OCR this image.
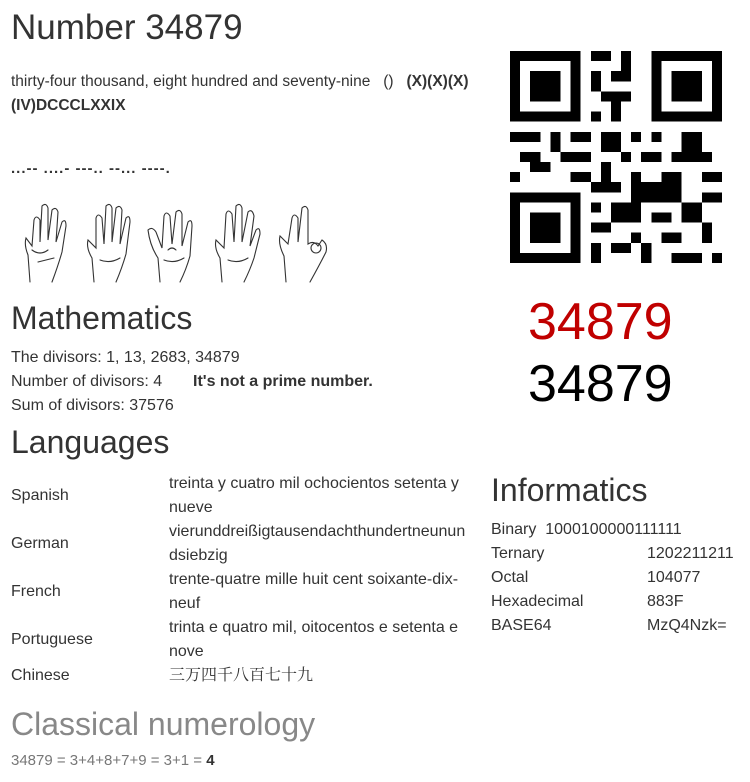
Number 34879
thirty-four thousand, eight hundred and seventy-nine () (X)(X)(X)(IV)DCCCLXXIX
...-- ....- ---.. --... ----.
Mathematics
The divisors: 1, 13, 2683, 34879
Number of divisors: 4 It's not a prime number.
Sum of divisors: 37576
Languages
Spanish	treinta y cuatro mil ochocientos setenta y
nueve
German	vierunddreißigtausendachthundertneunun
dsiebzig
French	trente-quatre mille huit cent soixante-dix-
neuf
Portuguese	trinta e quatro mil, oitocentos e setenta e
nove
Chinese	三万四千八百七十九
Informatics
Binary 1000100000111111	
Ternary	1202211211
Octal	104077
Hexadecimal	883F
BASE64	MzQ4Nzk=
Classical numerology
34879 = 3+4+8+7+9 = 3+1 = 4
34879
34879
